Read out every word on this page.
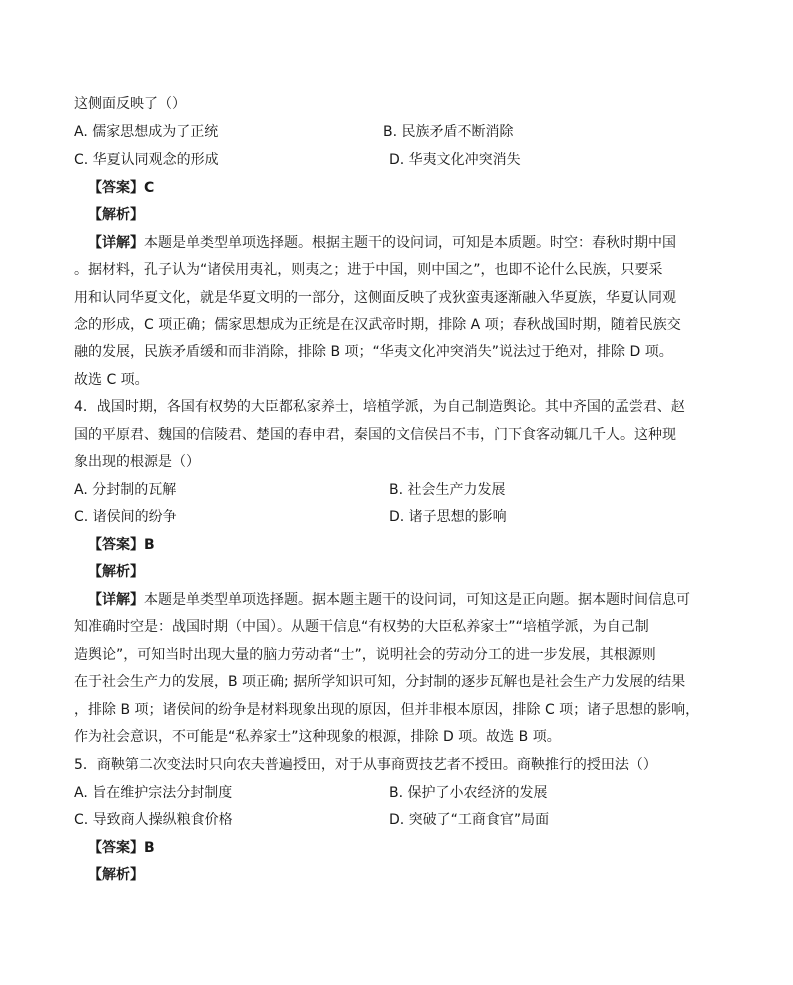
这侧面反映了（）
A. 儒家思想成为了正统	B. 民族矛盾不断消除
C. 华夏认同观念的形成	D. 华夷文化冲突消失
【答案】C
【解析】
【详解】本题是单类型单项选择题。根据主题干的设问词，可知是本质题。时空：春秋时期中国
。据材料，孔子认为“诸侯用夷礼，则夷之；进于中国，则中国之”，也即不论什么民族，只要采
用和认同华夏文化，就是华夏文明的一部分，这侧面反映了戎狄蛮夷逐渐融入华夏族，华夏认同观
念的形成，C 项正确；儒家思想成为正统是在汉武帝时期，排除 A 项；春秋战国时期，随着民族交
融的发展，民族矛盾缓和而非消除，排除 B 项；“华夷文化冲突消失”说法过于绝对，排除 D 项。
故选 C 项。
4．战国时期，各国有权势的大臣都私家养士，培植学派，为自己制造舆论。其中齐国的孟尝君、赵
国的平原君、魏国的信陵君、楚国的春申君，秦国的文信侯吕不韦，门下食客动辄几千人。这种现
象出现的根源是（）
A. 分封制的瓦解	B. 社会生产力发展
C. 诸侯间的纷争	D. 诸子思想的影响
【答案】B
【解析】
【详解】本题是单类型单项选择题。据本题主题干的设问词，可知这是正向题。据本题时间信息可
知准确时空是：战国时期（中国）。从题干信息“有权势的大臣私养家士”“培植学派，为自己制
造舆论”，可知当时出现大量的脑力劳动者“士”，说明社会的劳动分工的进一步发展，其根源则
在于社会生产力的发展，B 项正确; 据所学知识可知，分封制的逐步瓦解也是社会生产力发展的结果
，排除 B 项；诸侯间的纷争是材料现象出现的原因，但并非根本原因，排除 C 项；诸子思想的影响，
作为社会意识，不可能是“私养家士”这种现象的根源，排除 D 项。故选 B 项。
5．商鞅第二次变法时只向农夫普遍授田，对于从事商贾技艺者不授田。商鞅推行的授田法（）
A. 旨在维护宗法分封制度	B. 保护了小农经济的发展
C. 导致商人操纵粮食价格	D. 突破了“工商食官”局面
【答案】B
【解析】
